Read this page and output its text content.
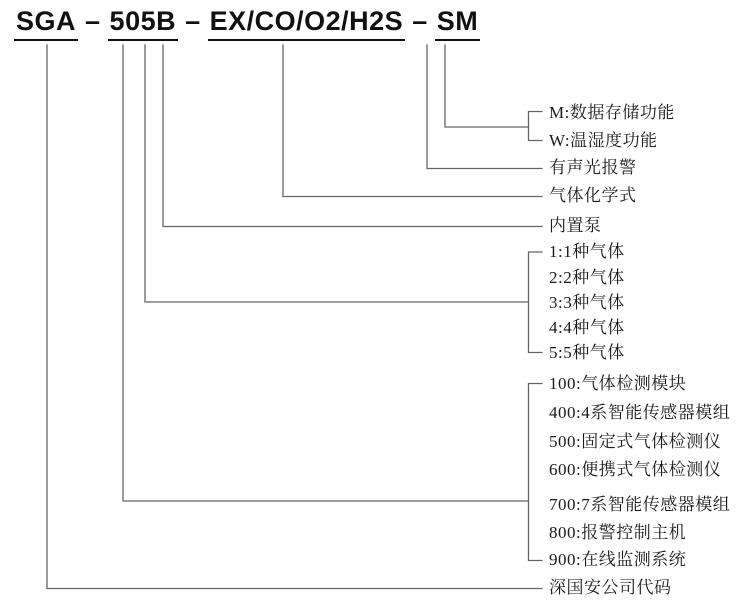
SGA – 505B – EX/CO/O2/H2S – SM
M:数据存储功能
W:温湿度功能
有声光报警
气体化学式
内置泵
1:1种气体
2:2种气体
3:3种气体
4:4种气体
5:5种气体
100:气体检测模块
400:4系智能传感器模组
500:固定式气体检测仪
600:便携式气体检测仪
700:7系智能传感器模组
800:报警控制主机
900:在线监测系统
深国安公司代码
